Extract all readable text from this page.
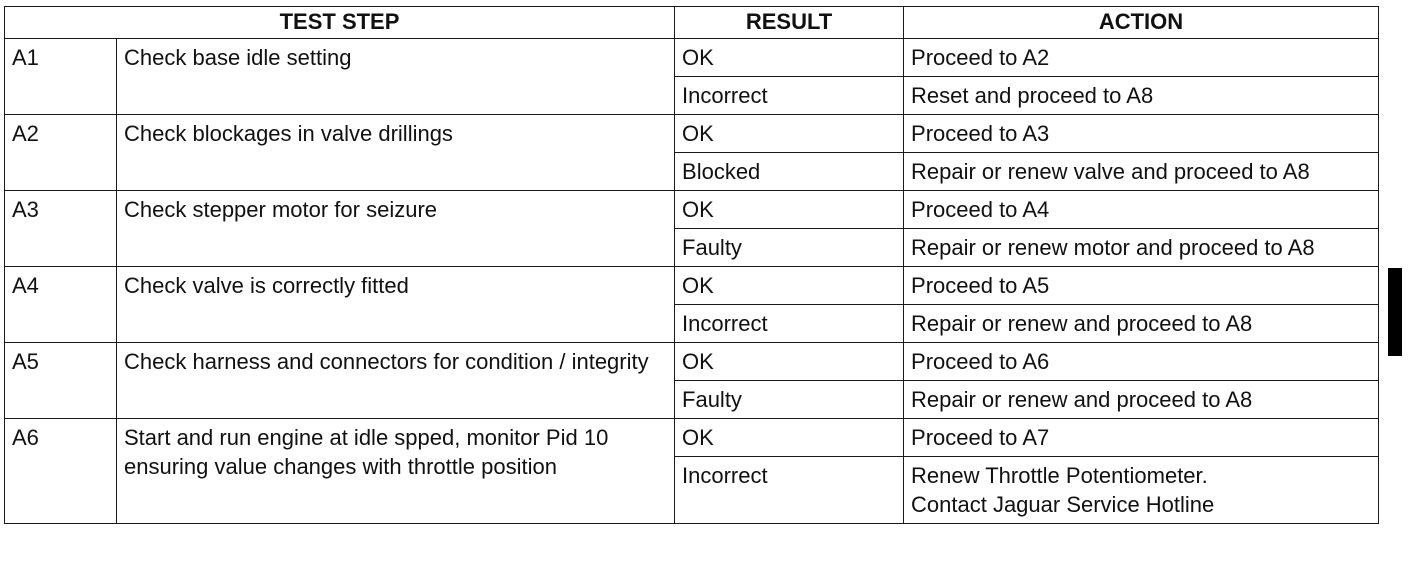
TEST STEP		RESULT	ACTION
A1	Check base idle setting	OK	Proceed to A2
		Incorrect	Reset and proceed to A8
A2	Check blockages in valve drillings	OK	Proceed to A3
		Blocked	Repair or renew valve and proceed to A8
A3	Check stepper motor for seizure	OK	Proceed to A4
		Faulty	Repair or renew motor and proceed to A8
A4	Check valve is correctly fitted	OK	Proceed to A5
		Incorrect	Repair or renew and proceed to A8
A5	Check harness and connectors for condition / integrity	OK	Proceed to A6
		Faulty	Repair or renew and proceed to A8
A6	Start and run engine at idle spped, monitor Pid 10 ensuring value changes with throttle position	OK	Proceed to A7
		Incorrect	Renew Throttle Potentiometer.
Contact Jaguar Service Hotline
